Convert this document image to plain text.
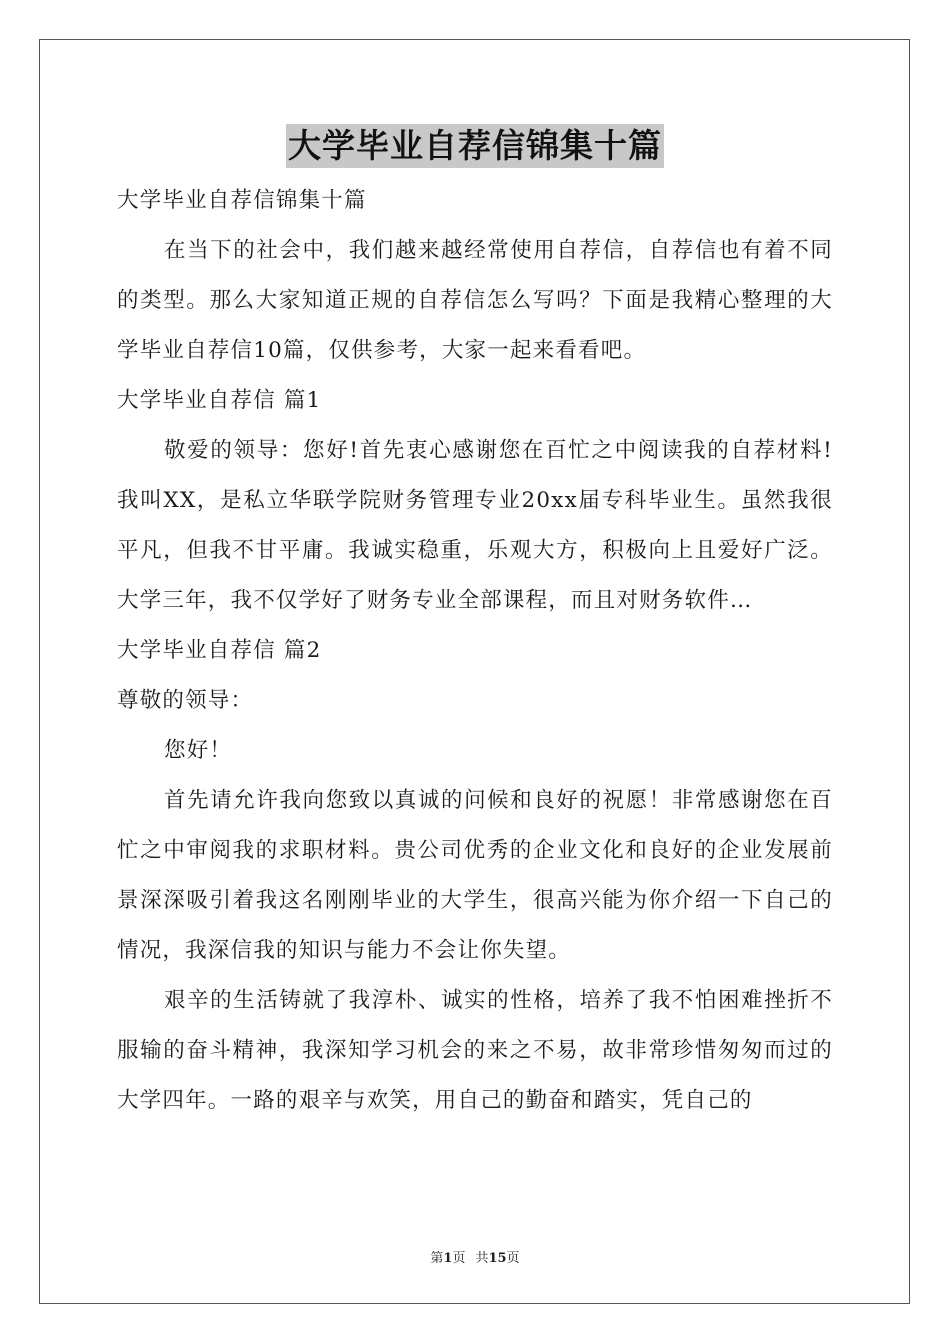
大学毕业自荐信锦集十篇

大学毕业自荐信锦集十篇

在当下的社会中，我们越来越经常使用自荐信，自荐信也有着不同的类型。那么大家知道正规的自荐信怎么写吗？下面是我精心整理的大学毕业自荐信10篇，仅供参考，大家一起来看看吧。

大学毕业自荐信 篇1

敬爱的领导：您好!首先衷心感谢您在百忙之中阅读我的自荐材料!我叫XX，是私立华联学院财务管理专业20xx届专科毕业生。虽然我很平凡，但我不甘平庸。我诚实稳重，乐观大方，积极向上且爱好广泛。大学三年，我不仅学好了财务专业全部课程，而且对财务软件…

大学毕业自荐信 篇2

尊敬的领导：

您好！

首先请允许我向您致以真诚的问候和良好的祝愿！非常感谢您在百忙之中审阅我的求职材料。贵公司优秀的企业文化和良好的企业发展前景深深吸引着我这名刚刚毕业的大学生，很高兴能为你介绍一下自己的情况，我深信我的知识与能力不会让你失望。

艰辛的生活铸就了我淳朴、诚实的性格，培养了我不怕困难挫折不服输的奋斗精神，我深知学习机会的来之不易，故非常珍惜匆匆而过的大学四年。一路的艰辛与欢笑，用自己的勤奋和踏实，凭自己的

第1页 共15页
